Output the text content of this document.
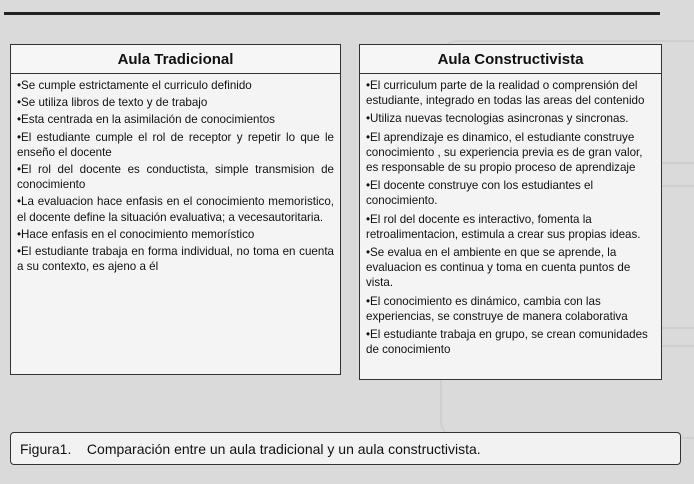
Aula Tradicional
•Se cumple estrictamente el curriculo definido
•Se utiliza libros de texto y de trabajo
•Esta centrada en la asimilación de conocimientos
•El estudiante cumple el rol de receptor y repetir lo que le enseño el docente
•El rol del docente es conductista, simple transmision de conocimiento
•La evaluacion hace enfasis en el conocimiento memoristico, el docente define la situación evaluativa; a vecesautoritaria.
•Hace enfasis en el conocimiento memorístico
•El estudiante trabaja en forma individual, no toma en cuenta a su contexto, es ajeno a él
Aula Constructivista
•El curriculum parte de la realidad o comprensión del estudiante, integrado en todas las areas del contenido
•Utiliza nuevas tecnologias asincronas y sincronas.
•El aprendizaje es dinamico, el estudiante construye conocimiento , su experiencia previa es de gran valor, es responsable de su propio proceso de aprendizaje
•El docente construye con los estudiantes el conocimiento.
•El rol del docente es interactivo, fomenta la retroalimentacion, estimula a crear sus propias ideas.
•Se evalua en el ambiente en que se aprende, la evaluacion es continua y toma en cuenta puntos de vista.
•El conocimiento es dinámico, cambia con las experiencias, se construye de manera colaborativa
•El estudiante trabaja en grupo, se crean comunidades de conocimiento
Figura1.
Comparación entre un aula tradicional y un aula constructivista.
